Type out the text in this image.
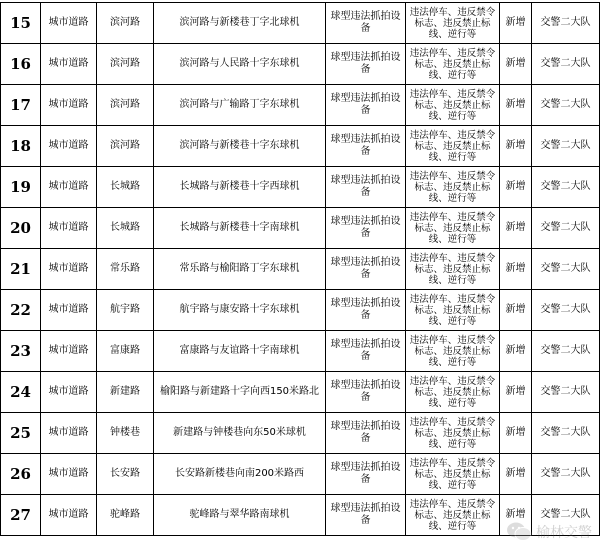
15	城市道路	滨河路	滨河路与新楼巷丁字北球机	球型违法抓拍设备	违法停车、违反禁令标志、违反禁止标线、逆行等	新增	交警二大队
16	城市道路	滨河路	滨河路与人民路十字东球机	球型违法抓拍设备	违法停车、违反禁令标志、违反禁止标线、逆行等	新增	交警二大队
17	城市道路	滨河路	滨河路与广输路丁字东球机	球型违法抓拍设备	违法停车、违反禁令标志、违反禁止标线、逆行等	新增	交警二大队
18	城市道路	滨河路	滨河路与新楼巷十字东球机	球型违法抓拍设备	违法停车、违反禁令标志、违反禁止标线、逆行等	新增	交警二大队
19	城市道路	长城路	长城路与新楼巷十字西球机	球型违法抓拍设备	违法停车、违反禁令标志、违反禁止标线、逆行等	新增	交警二大队
20	城市道路	长城路	长城路与新楼巷十字南球机	球型违法抓拍设备	违法停车、违反禁令标志、违反禁止标线、逆行等	新增	交警二大队
21	城市道路	常乐路	常乐路与榆阳路丁字东球机	球型违法抓拍设备	违法停车、违反禁令标志、违反禁止标线、逆行等	新增	交警二大队
22	城市道路	航宇路	航宇路与康安路十字东球机	球型违法抓拍设备	违法停车、违反禁令标志、违反禁止标线、逆行等	新增	交警二大队
23	城市道路	富康路	富康路与友谊路十字南球机	球型违法抓拍设备	违法停车、违反禁令标志、违反禁止标线、逆行等	新增	交警二大队
24	城市道路	新建路	榆阳路与新建路十字向西150米路北	球型违法抓拍设备	违法停车、违反禁令标志、违反禁止标线、逆行等	新增	交警二大队
25	城市道路	钟楼巷	新建路与钟楼巷向东50米球机	球型违法抓拍设备	违法停车、违反禁令标志、违反禁止标线、逆行等	新增	交警二大队
26	城市道路	长安路	长安路新楼巷向南200米路西	球型违法抓拍设备	违法停车、违反禁令标志、违反禁止标线、逆行等	新增	交警二大队
27	城市道路	驼峰路	驼峰路与翠华路南球机	球型违法抓拍设备	违法停车、违反禁令标志、违反禁止标线、逆行等	新增	交警二大队
榆林交警
